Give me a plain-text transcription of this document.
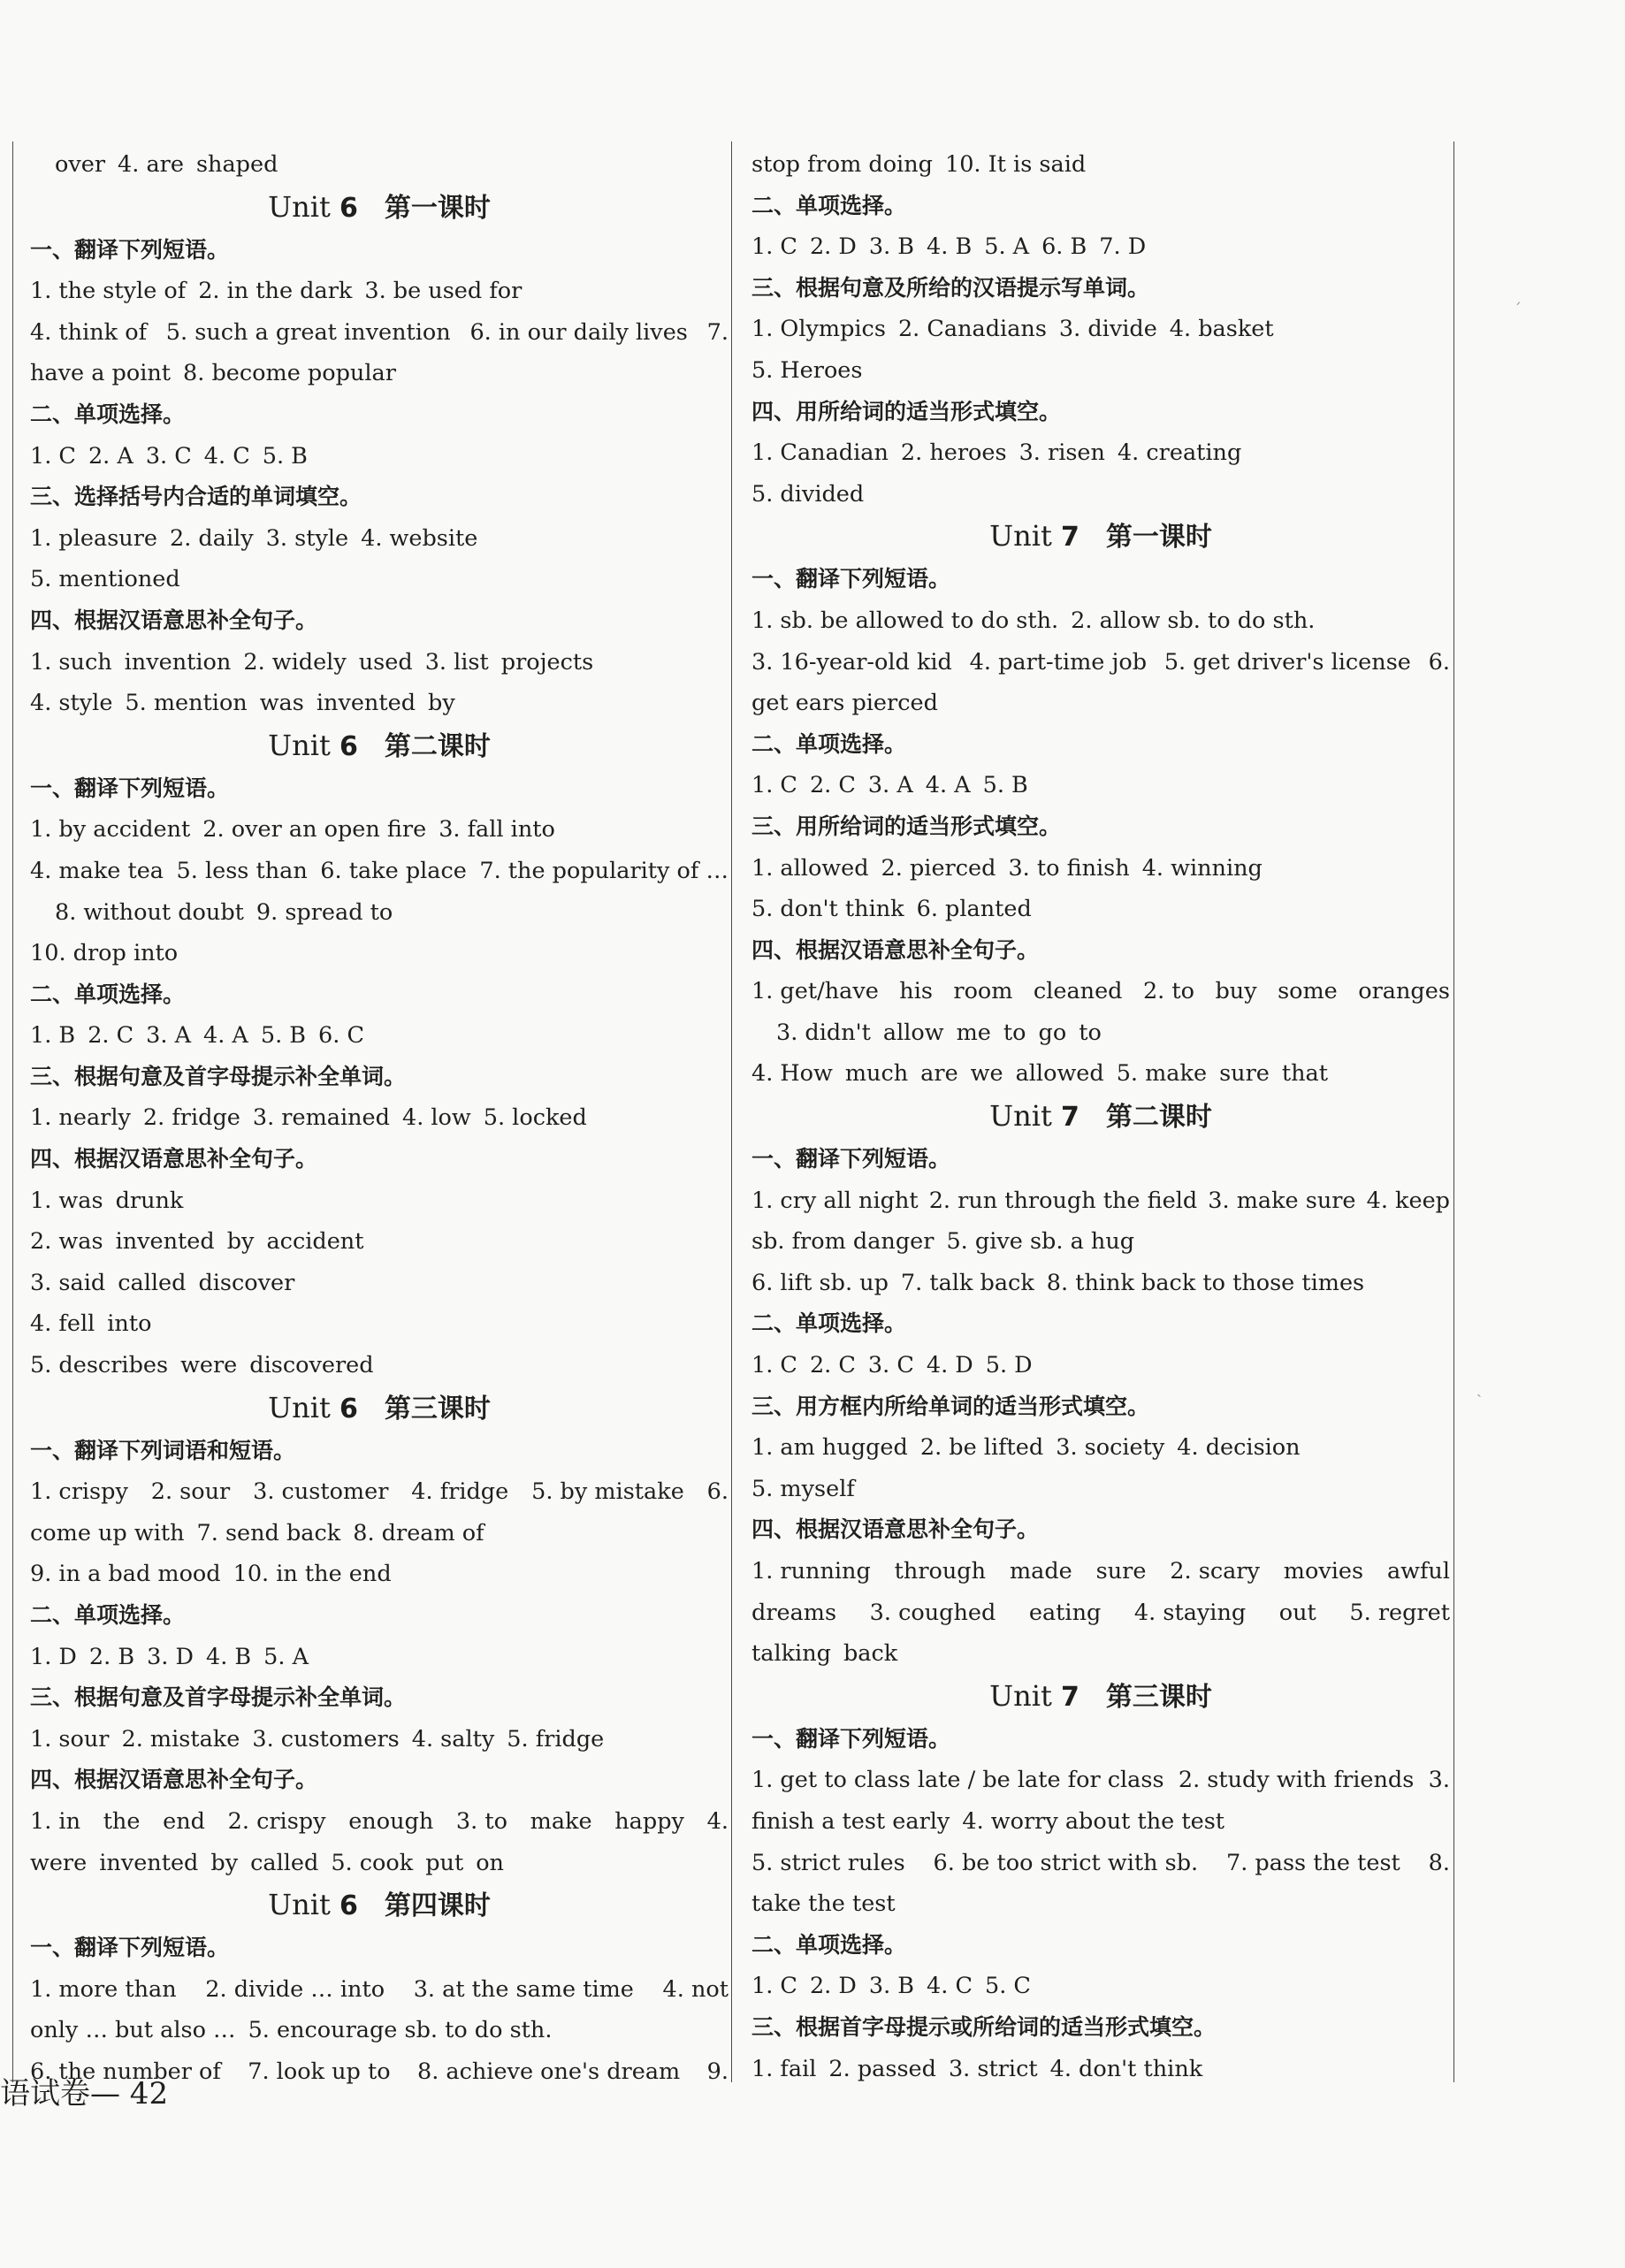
over 4. are shaped
Unit 6 第一课时
一、翻译下列短语。
1. the style of 2. in the dark 3. be used for
4. think of 5. such a great invention 6. in our daily lives 7.
have a point 8. become popular
二、单项选择。
1. C 2. A 3. C 4. C 5. B
三、选择括号内合适的单词填空。
1. pleasure 2. daily 3. style 4. website
5. mentioned
四、根据汉语意思补全句子。
1. such invention 2. widely used 3. list projects
4. style 5. mention was invented by
Unit 6 第二课时
一、翻译下列短语。
1. by accident 2. over an open fire 3. fall into
4. make tea 5. less than 6. take place 7. the popularity of …
8. without doubt 9. spread to
10. drop into
二、单项选择。
1. B 2. C 3. A 4. A 5. B 6. C
三、根据句意及首字母提示补全单词。
1. nearly 2. fridge 3. remained 4. low 5. locked
四、根据汉语意思补全句子。
1. was drunk
2. was invented by accident
3. said called discover
4. fell into
5. describes were discovered
Unit 6 第三课时
一、翻译下列词语和短语。
1. crispy 2. sour 3. customer 4. fridge 5. by mistake 6.
come up with 7. send back 8. dream of
9. in a bad mood 10. in the end
二、单项选择。
1. D 2. B 3. D 4. B 5. A
三、根据句意及首字母提示补全单词。
1. sour 2. mistake 3. customers 4. salty 5. fridge
四、根据汉语意思补全句子。
1. in the end 2. crispy enough 3. to make happy 4.
were invented by called 5. cook put on
Unit 6 第四课时
一、翻译下列短语。
1. more than 2. divide … into 3. at the same time 4. not
only … but also … 5. encourage sb. to do sth.
6. the number of 7. look up to 8. achieve one's dream 9.
stop from doing 10. It is said
二、单项选择。
1. C 2. D 3. B 4. B 5. A 6. B 7. D
三、根据句意及所给的汉语提示写单词。
1. Olympics 2. Canadians 3. divide 4. basket
5. Heroes
四、用所给词的适当形式填空。
1. Canadian 2. heroes 3. risen 4. creating
5. divided
Unit 7 第一课时
一、翻译下列短语。
1. sb. be allowed to do sth. 2. allow sb. to do sth.
3. 16-year-old kid 4. part-time job 5. get driver's license 6.
get ears pierced
二、单项选择。
1. C 2. C 3. A 4. A 5. B
三、用所给词的适当形式填空。
1. allowed 2. pierced 3. to finish 4. winning
5. don't think 6. planted
四、根据汉语意思补全句子。
1. get/have his room cleaned 2. to buy some oranges
3. didn't allow me to go to
4. How much are we allowed 5. make sure that
Unit 7 第二课时
一、翻译下列短语。
1. cry all night 2. run through the field 3. make sure 4. keep
sb. from danger 5. give sb. a hug
6. lift sb. up 7. talk back 8. think back to those times
二、单项选择。
1. C 2. C 3. C 4. D 5. D
三、用方框内所给单词的适当形式填空。
1. am hugged 2. be lifted 3. society 4. decision
5. myself
四、根据汉语意思补全句子。
1. running through made sure 2. scary movies awful
dreams 3. coughed eating 4. staying out 5. regret
talking back
Unit 7 第三课时
一、翻译下列短语。
1. get to class late / be late for class 2. study with friends 3.
finish a test early 4. worry about the test
5. strict rules 6. be too strict with sb. 7. pass the test 8.
take the test
二、单项选择。
1. C 2. D 3. B 4. C 5. C
三、根据首字母提示或所给词的适当形式填空。
1. fail 2. passed 3. strict 4. don't think
语试卷— 42
ˊ
ˎ
